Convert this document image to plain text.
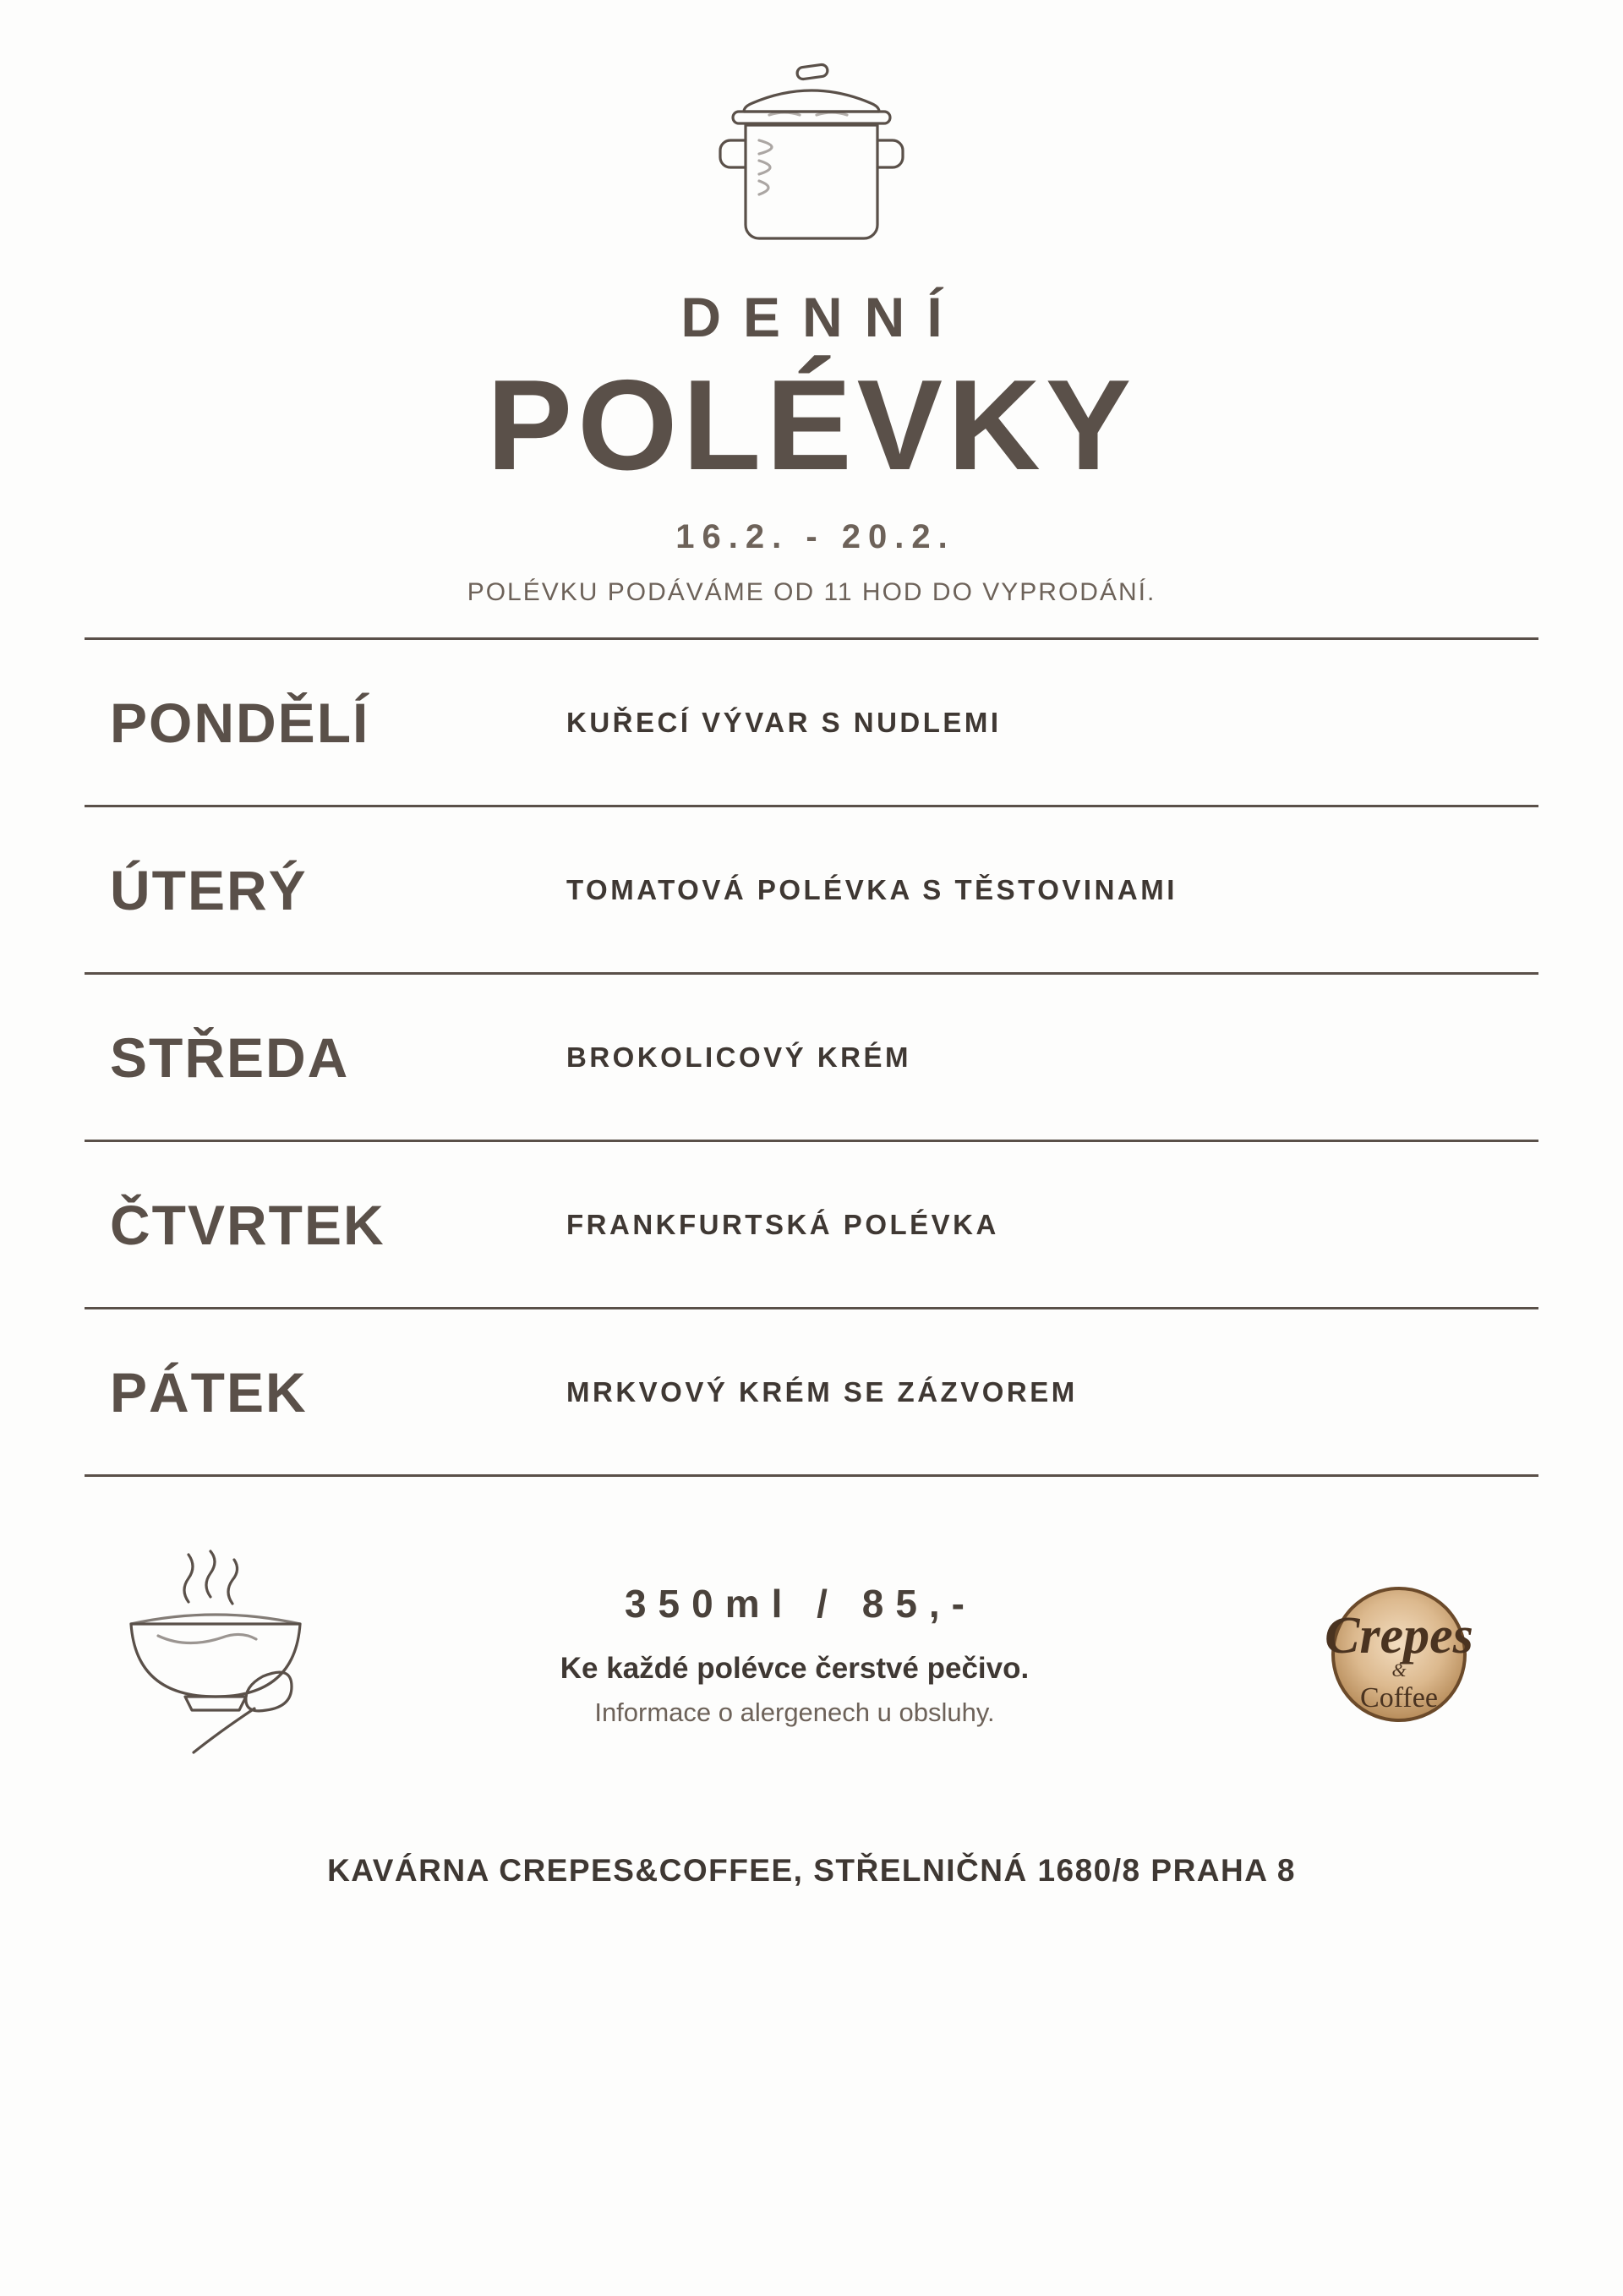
DENNÍ
POLÉVKY
16.2. - 20.2.
POLÉVKU PODÁVÁME OD 11 HOD DO VYPRODÁNÍ.
PONDĚLÍ	KUŘECÍ VÝVAR S NUDLEMI
ÚTERÝ	TOMATOVÁ POLÉVKA S TĚSTOVINAMI
STŘEDA	BROKOLICOVÝ KRÉM
ČTVRTEK	FRANKFURTSKÁ POLÉVKA
PÁTEK	MRKVOVÝ KRÉM SE ZÁZVOREM
350ml / 85,-
Ke každé polévce čerstvé pečivo.
Informace o alergenech u obsluhy.
Crepes
&
Coffee
KAVÁRNA CREPES&COFFEE, STŘELNIČNÁ 1680/8 PRAHA 8
